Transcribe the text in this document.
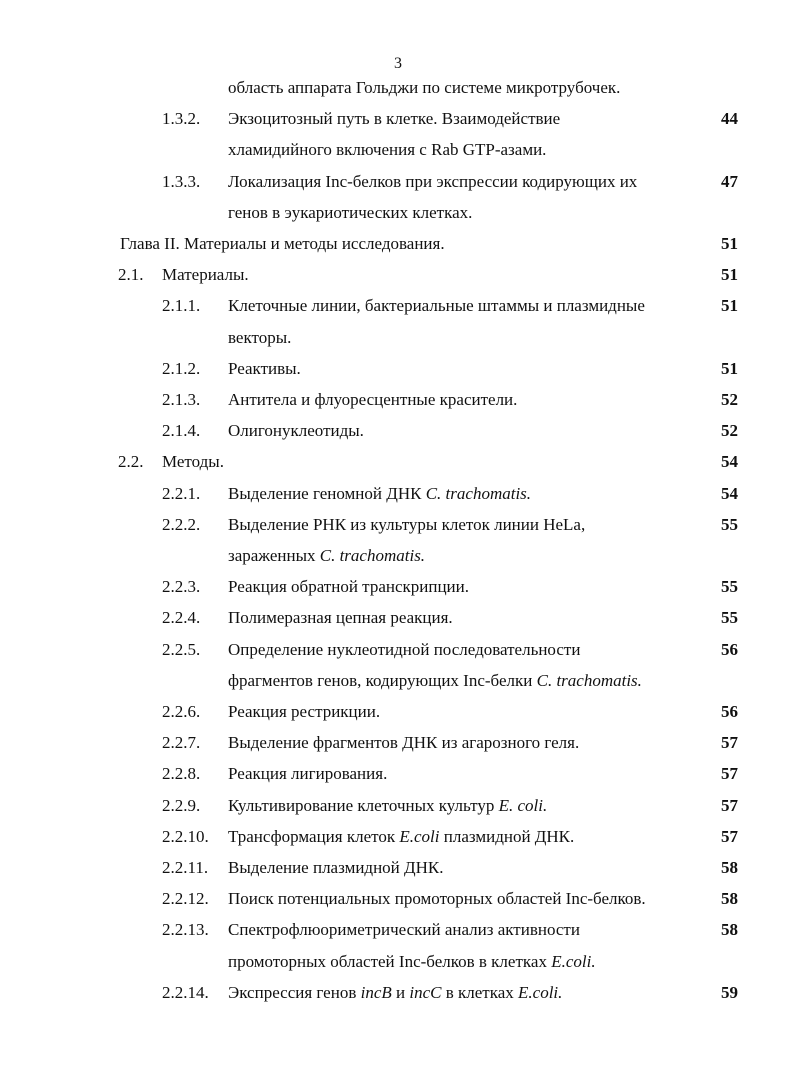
3
область аппарата Гольджи по системе микротрубочек.
1.3.2. Экзоцитозный путь в клетке. Взаимодействие	44
хламидийного включения с Rab GTP-азами.
1.3.3. Локализация Inc-белков при экспрессии кодирующих их	47
генов в эукариотических клетках.
Глава II. Материалы и методы исследования.	51
2.1. Материалы.	51
2.1.1. Клеточные линии, бактериальные штаммы и плазмидные	51
векторы.
2.1.2. Реактивы.	51
2.1.3. Антитела и флуоресцентные красители.	52
2.1.4. Олигонуклеотиды.	52
2.2. Методы.	54
2.2.1. Выделение геномной ДНК C. trachomatis.	54
2.2.2. Выделение РНК из культуры клеток линии HeLa,	55
зараженных C. trachomatis.
2.2.3. Реакция обратной транскрипции.	55
2.2.4. Полимеразная цепная реакция.	55
2.2.5. Определение нуклеотидной последовательности	56
фрагментов генов, кодирующих Inc-белки C. trachomatis.
2.2.6. Реакция рестрикции.	56
2.2.7. Выделение фрагментов ДНК из агарозного геля.	57
2.2.8. Реакция лигирования.	57
2.2.9. Культивирование клеточных культур E. coli.	57
2.2.10. Трансформация клеток E.coli плазмидной ДНК.	57
2.2.11. Выделение плазмидной ДНК.	58
2.2.12. Поиск потенциальных промоторных областей Inc-белков.	58
2.2.13. Спектрофлюориметрический анализ активности	58
промоторных областей Inc-белков в клетках E.coli.
2.2.14. Экспрессия генов incB и incC в клетках E.coli.	59
